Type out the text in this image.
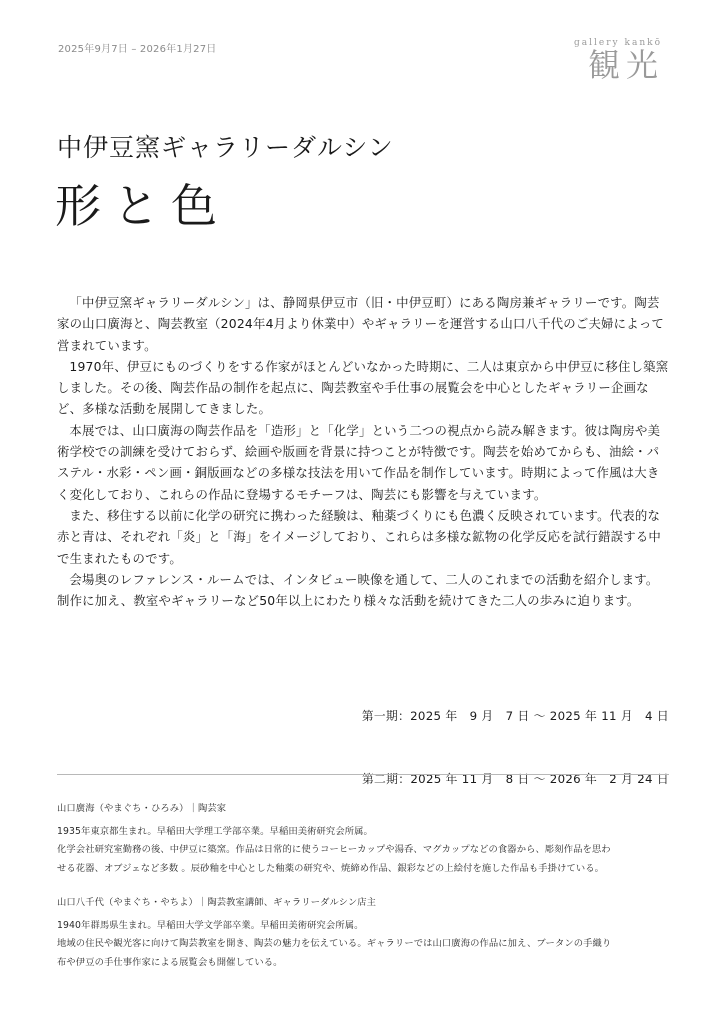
2025年9月7日 – 2026年1月27日
gallery kankō
観光
中伊豆窯ギャラリーダルシン
形と色

「中伊豆窯ギャラリーダルシン」は、静岡県伊豆市（旧・中伊豆町）にある陶房兼ギャラリーです。陶芸家の山口廣海と、陶芸教室（2024年4月より休業中）やギャラリーを運営する山口八千代のご夫婦によって営まれています。

1970年、伊豆にものづくりをする作家がほとんどいなかった時期に、二人は東京から中伊豆に移住し築窯しました。その後、陶芸作品の制作を起点に、陶芸教室や手仕事の展覧会を中心としたギャラリー企画など、多様な活動を展開してきました。

本展では、山口廣海の陶芸作品を「造形」と「化学」という二つの視点から読み解きます。彼は陶房や美術学校での訓練を受けておらず、絵画や版画を背景に持つことが特徴です。陶芸を始めてからも、油絵・パステル・水彩・ペン画・銅版画などの多様な技法を用いて作品を制作しています。時期によって作風は大きく変化しており、これらの作品に登場するモチーフは、陶芸にも影響を与えています。

また、移住する以前に化学の研究に携わった経験は、釉薬づくりにも色濃く反映されています。代表的な赤と青は、それぞれ「炎」と「海」をイメージしており、これらは多様な鉱物の化学反応を試行錯誤する中で生まれたものです。

会場奥のレファレンス・ルームでは、インタビュー映像を通して、二人のこれまでの活動を紹介します。制作に加え、教室やギャラリーなど50年以上にわたり様々な活動を続けてきた二人の歩みに迫ります。

第一期：2025 年　9 月　7 日 ～ 2025 年 11 月　4 日

第二期：2025 年 11 月　8 日 ～ 2026 年　2 月 24 日

山口廣海（やまぐち・ひろみ）｜陶芸家

1935年東京都生まれ。早稲田大学理工学部卒業。早稲田美術研究会所属。

化学会社研究室勤務の後、中伊豆に築窯。作品は日常的に使うコーヒーカップや湯呑、マグカップなどの食器から、彫刻作品を思わ

せる花器、オブジェなど多数 。辰砂釉を中心とした釉薬の研究や、焼締め作品、銀彩などの上絵付を施した作品も手掛けている。

山口八千代（やまぐち・やちよ）｜陶芸教室講師、ギャラリーダルシン店主

1940年群馬県生まれ。早稲田大学文学部卒業。早稲田美術研究会所属。

地域の住民や観光客に向けて陶芸教室を開き、陶芸の魅力を伝えている。ギャラリーでは山口廣海の作品に加え、ブータンの手織り

布や伊豆の手仕事作家による展覧会も開催している。
